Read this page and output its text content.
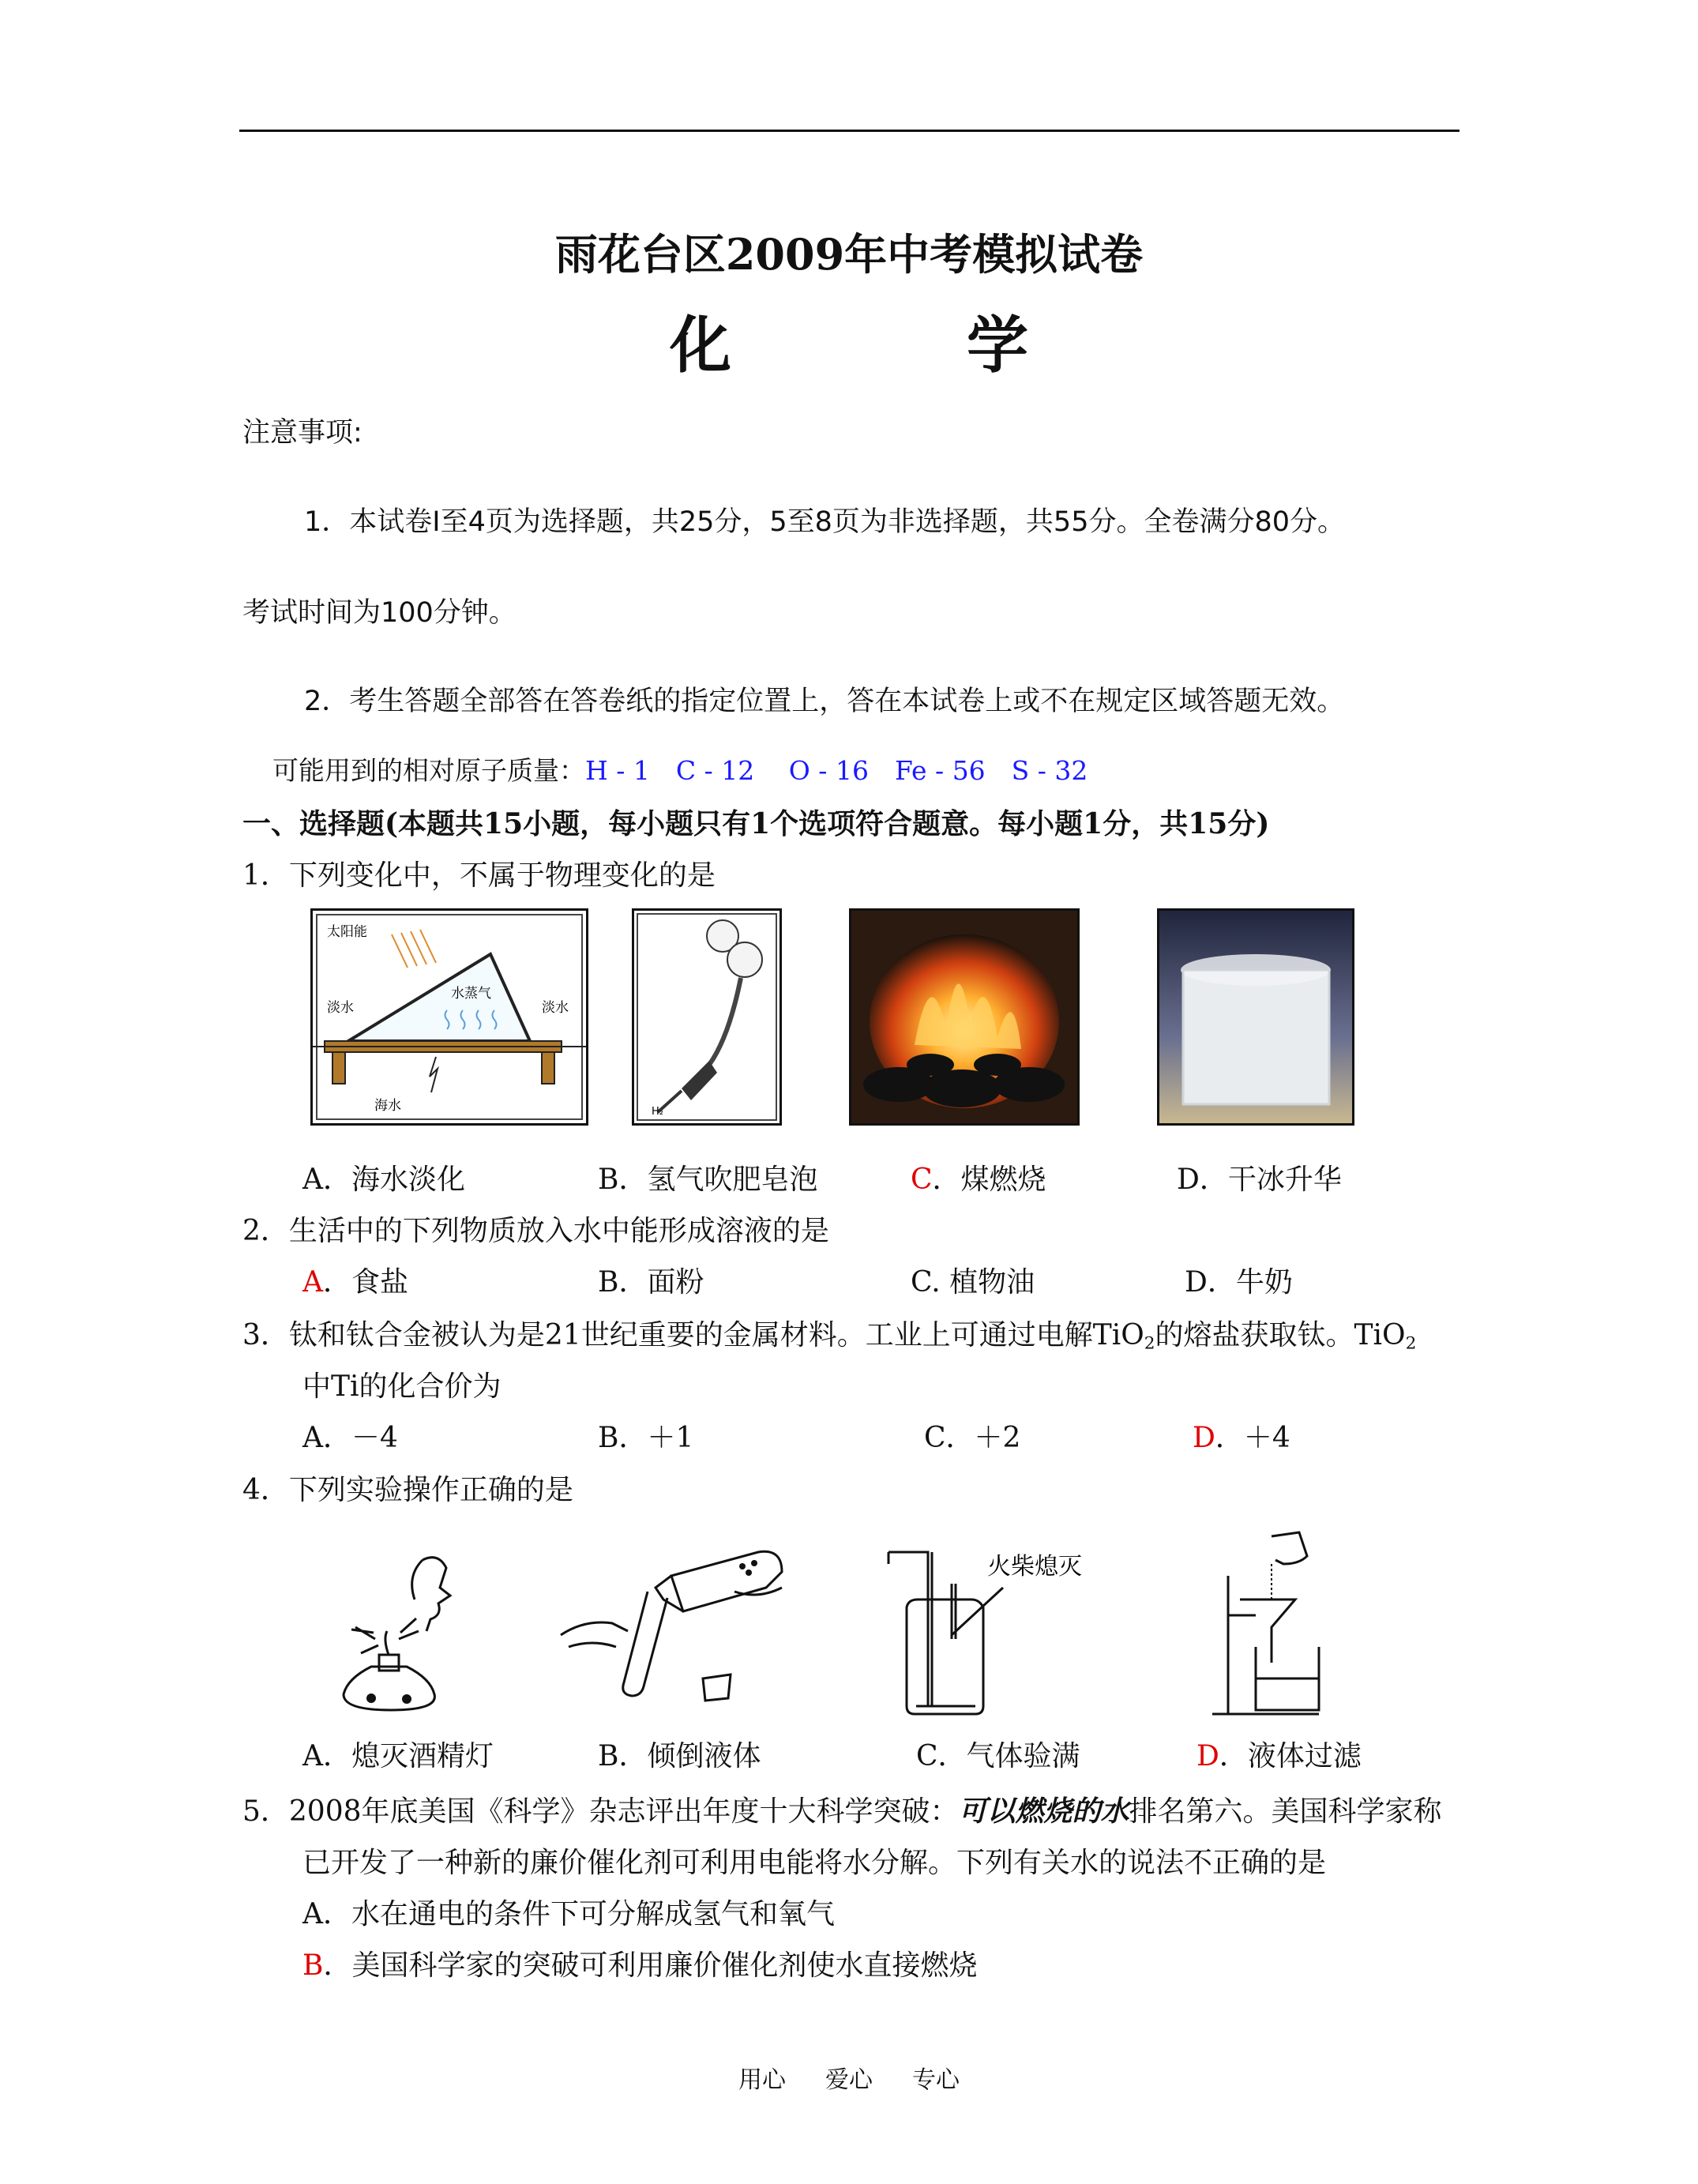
雨花台区2009年中考模拟试卷
化　学
注意事项:
1．本试卷Ⅰ至4页为选择题，共25分，5至8页为非选择题，共55分。全卷满分80分。
考试时间为100分钟。
2．考生答题全部答在答卷纸的指定位置上，答在本试卷上或不在规定区域答题无效。
可能用到的相对原子质量：H - 1　C - 12　 O - 16　Fe - 56　S - 32
一、选择题(本题共15小题，每小题只有1个选项符合题意。每小题1分，共15分)
1．下列变化中，不属于物理变化的是
太阳能
淡水
水蒸气
淡水
海水	H₂
A．海水淡化	B．氢气吹肥皂泡	C．煤燃烧	D．干冰升华
2．生活中的下列物质放入水中能形成溶液的是
A．食盐	B．面粉	C. 植物油	D．牛奶
3．钛和钛合金被认为是21世纪重要的金属材料。工业上可通过电解TiO$_2$的熔盐获取钛。TiO$_2$
中Ti的化合价为
A．－4	B．＋1	C．＋2	D．＋4
4．下列实验操作正确的是
火柴熄灭
A．熄灭酒精灯	B．倾倒液体	C．气体验满	D．液体过滤
5．2008年底美国《科学》杂志评出年度十大科学突破：可以燃烧的水排名第六。美国科学家称
已开发了一种新的廉价催化剂可利用电能将水分解。下列有关水的说法不正确的是
A．水在通电的条件下可分解成氢气和氧气
B．美国科学家的突破可利用廉价催化剂使水直接燃烧
用心 爱心 专心
